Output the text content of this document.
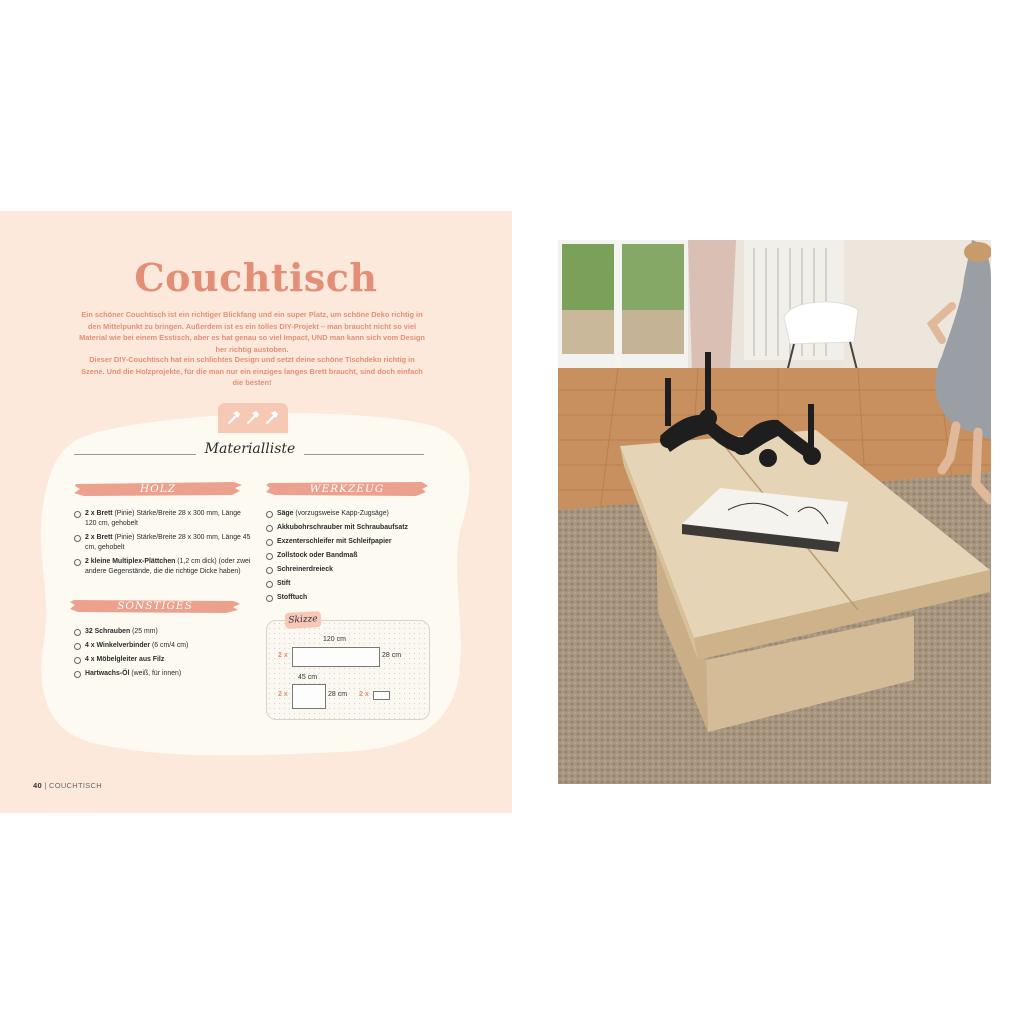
Couchtisch

Ein schöner Couchtisch ist ein richtiger Blickfang und ein super Platz, um schöne Deko richtig in den Mittelpunkt zu bringen. Außerdem ist es ein tolles DIY-Projekt – man braucht nicht so viel Material wie bei einem Esstisch, aber es hat genau so viel Impact, UND man kann sich vom Design her richtig austoben.

Dieser DIY-Couchtisch hat ein schlichtes Design und setzt deine schöne Tischdeko richtig in Szene. Und die Holzprojekte, für die man nur ein einziges langes Brett braucht, sind doch einfach die besten!

Materialliste
HOLZ
2 x Brett (Pinie) Stärke/Breite 28 x 300 mm, Länge 120 cm, gehobelt
2 x Brett (Pinie) Stärke/Breite 28 x 300 mm, Länge 45 cm, gehobelt
2 kleine Multiplex-Plättchen (1,2 cm dick) (oder zwei andere Gegenstände, die die richtige Dicke haben)
SONSTIGES
32 Schrauben (25 mm)
4 x Winkelverbinder (6 cm/4 cm)
4 x Möbelgleiter aus Filz
Hartwachs-Öl (weiß, für innen)
WERKZEUG
Säge (vorzugsweise Kapp-Zugsäge)
Akkubohrschrauber mit Schraubaufsatz
Exzenterschleifer mit Schleifpapier
Zollstock oder Bandmaß
Schreinerdreieck
Stift
Stofftuch
Skizze
120 cm
2 x	28 cm
45 cm
2 x	28 cm 2 x
40 | COUCHTISCH
